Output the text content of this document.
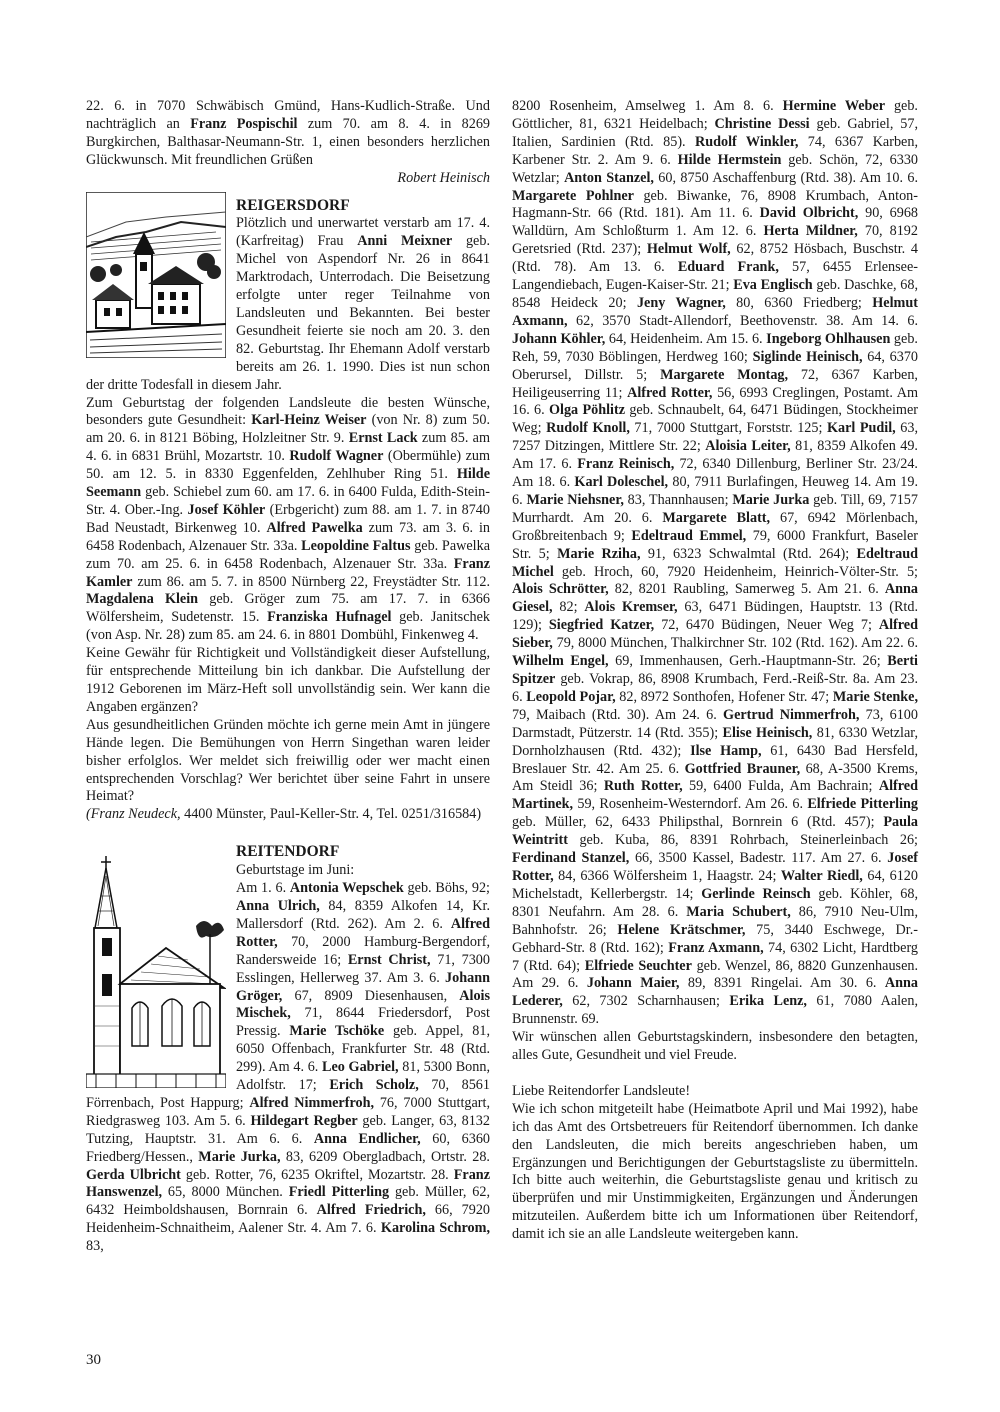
22. 6. in 7070 Schwäbisch Gmünd, Hans-Kudlich-Straße. Und nachträglich an Franz Pospischil zum 70. am 8. 4. in 8269 Burgkirchen, Balthasar-Neumann-Str. 1, einen besonders herzlichen Glückwunsch. Mit freundlichen Grüßen

Robert Heinisch

REIGERSDORF

Plötzlich und unerwartet verstarb am 17. 4. (Karfreitag) Frau Anni Meixner geb. Michel von Aspendorf Nr. 26 in 8641 Marktrodach, Unterrodach. Die Beisetzung erfolgte unter reger Teilnahme von Landsleuten und Bekannten. Bei bester Gesundheit feierte sie noch am 20. 3. den 82. Geburtstag. Ihr Ehemann Adolf verstarb bereits am 26. 1. 1990. Dies ist nun schon der dritte Todesfall in diesem Jahr.

Zum Geburtstag der folgenden Landsleute die besten Wünsche, besonders gute Gesundheit: Karl-Heinz Weiser (von Nr. 8) zum 50. am 20. 6. in 8121 Böbing, Holzleitner Str. 9. Ernst Lack zum 85. am 4. 6. in 6831 Brühl, Mozartstr. 10. Rudolf Wagner (Obermühle) zum 50. am 12. 5. in 8330 Eggenfelden, Zehlhuber Ring 51. Hilde Seemann geb. Schiebel zum 60. am 17. 6. in 6400 Fulda, Edith-Stein-Str. 4. Ober.-Ing. Josef Köhler (Erbgericht) zum 88. am 1. 7. in 8740 Bad Neustadt, Birkenweg 10. Alfred Pawelka zum 73. am 3. 6. in 6458 Rodenbach, Alzenauer Str. 33a. Leopoldine Faltus geb. Pawelka zum 70. am 25. 6. in 6458 Rodenbach, Alzenauer Str. 33a. Franz Kamler zum 86. am 5. 7. in 8500 Nürnberg 22, Freystädter Str. 112. Magdalena Klein geb. Gröger zum 75. am 17. 7. in 6366 Wölfersheim, Sudetenstr. 15. Franziska Hufnagel geb. Janitschek (von Asp. Nr. 28) zum 85. am 24. 6. in 8801 Dombühl, Finkenweg 4.

Keine Gewähr für Richtigkeit und Vollständigkeit dieser Aufstellung, für entsprechende Mitteilung bin ich dankbar. Die Aufstellung der 1912 Geborenen im März-Heft soll unvollständig sein. Wer kann die Angaben ergänzen?

Aus gesundheitlichen Gründen möchte ich gerne mein Amt in jüngere Hände legen. Die Bemühungen von Herrn Singethan waren leider bisher erfolglos. Wer meldet sich freiwillig oder wer macht einen entsprechenden Vorschlag? Wer berichtet über seine Fahrt in unsere Heimat?

(Franz Neudeck, 4400 Münster, Paul-Keller-Str. 4, Tel. 0251/316584)

REITENDORF

Geburtstage im Juni:

Am 1. 6. Antonia Wepschek geb. Böhs, 92; Anna Ulrich, 84, 8359 Alkofen 14, Kr. Mallersdorf (Rtd. 262). Am 2. 6. Alfred Rotter, 70, 2000 Hamburg-Bergendorf, Randersweide 16; Ernst Christ, 71, 7300 Esslingen, Hellerweg 37. Am 3. 6. Johann Gröger, 67, 8909 Diesenhausen, Alois Mischek, 71, 8644 Friedersdorf, Post Pressig. Marie Tschöke geb. Appel, 81, 6050 Offenbach, Frankfurter Str. 48 (Rtd. 299). Am 4. 6. Leo Gabriel, 81, 5300 Bonn, Adolfstr. 17; Erich Scholz, 70, 8561 Förrenbach, Post Happurg; Alfred Nimmerfroh, 76, 7000 Stuttgart, Riedgrasweg 103. Am 5. 6. Hildegart Regber geb. Langer, 63, 8132 Tutzing, Hauptstr. 31. Am 6. 6. Anna Endlicher, 60, 6360 Friedberg/Hessen., Marie Jurka, 83, 6209 Obergladbach, Ortstr. 28. Gerda Ulbricht geb. Rotter, 76, 6235 Okriftel, Mozartstr. 28. Franz Hanswenzel, 65, 8000 München. Friedl Pitterling geb. Müller, 62, 6432 Heimboldshausen, Bornrain 6. Alfred Friedrich, 66, 7920 Heidenheim-Schnaitheim, Aalener Str. 4. Am 7. 6. Karolina Schrom, 83,

8200 Rosenheim, Amselweg 1. Am 8. 6. Hermine Weber geb. Göttlicher, 81, 6321 Heidelbach; Christine Dessi geb. Gabriel, 57, Italien, Sardinien (Rtd. 85). Rudolf Winkler, 74, 6367 Karben, Karbener Str. 2. Am 9. 6. Hilde Hermstein geb. Schön, 72, 6330 Wetzlar; Anton Stanzel, 60, 8750 Aschaffenburg (Rtd. 38). Am 10. 6. Margarete Pohlner geb. Biwanke, 76, 8908 Krumbach, Anton-Hagmann-Str. 66 (Rtd. 181). Am 11. 6. David Olbricht, 90, 6968 Walldürn, Am Schloßturm 1. Am 12. 6. Herta Mildner, 70, 8192 Geretsried (Rtd. 237); Helmut Wolf, 62, 8752 Hösbach, Buschstr. 4 (Rtd. 78). Am 13. 6. Eduard Frank, 57, 6455 Erlensee-Langendiebach, Eugen-Kaiser-Str. 21; Eva Englisch geb. Daschke, 68, 8548 Heideck 20; Jeny Wagner, 80, 6360 Friedberg; Helmut Axmann, 62, 3570 Stadt-Allendorf, Beethovenstr. 38. Am 14. 6. Johann Köhler, 64, Heidenheim. Am 15. 6. Ingeborg Ohlhausen geb. Reh, 59, 7030 Böblingen, Herdweg 160; Siglinde Heinisch, 64, 6370 Oberursel, Dillstr. 5; Margarete Montag, 72, 6367 Karben, Heiligeuserring 11; Alfred Rotter, 56, 6993 Creglingen, Postamt. Am 16. 6. Olga Pöhlitz geb. Schnaubelt, 64, 6471 Büdingen, Stockheimer Weg; Rudolf Knoll, 71, 7000 Stuttgart, Forststr. 125; Karl Pudil, 63, 7257 Ditzingen, Mittlere Str. 22; Aloisia Leiter, 81, 8359 Alkofen 49. Am 17. 6. Franz Reinisch, 72, 6340 Dillenburg, Berliner Str. 23/24. Am 18. 6. Karl Doleschel, 80, 7911 Burlafingen, Heuweg 14. Am 19. 6. Marie Niehsner, 83, Thannhausen; Marie Jurka geb. Till, 69, 7157 Murrhardt. Am 20. 6. Margarete Blatt, 67, 6942 Mörlenbach, Großbreitenbach 9; Edeltraud Emmel, 79, 6000 Frankfurt, Baseler Str. 5; Marie Rziha, 91, 6323 Schwalmtal (Rtd. 264); Edeltraud Michel geb. Hroch, 60, 7920 Heidenheim, Heinrich-Völter-Str. 5; Alois Schrötter, 82, 8201 Raubling, Samerweg 5. Am 21. 6. Anna Giesel, 82; Alois Kremser, 63, 6471 Büdingen, Hauptstr. 13 (Rtd. 129); Siegfried Katzer, 72, 6470 Büdingen, Neuer Weg 7; Alfred Sieber, 79, 8000 München, Thalkirchner Str. 102 (Rtd. 162). Am 22. 6. Wilhelm Engel, 69, Immenhausen, Gerh.-Hauptmann-Str. 26; Berti Spitzer geb. Vokrap, 86, 8908 Krumbach, Ferd.-Reiß-Str. 8a. Am 23. 6. Leopold Pojar, 82, 8972 Sonthofen, Hofener Str. 47; Marie Stenke, 79, Maibach (Rtd. 30). Am 24. 6. Gertrud Nimmerfroh, 73, 6100 Darmstadt, Pützerstr. 14 (Rtd. 355); Elise Heinisch, 81, 6330 Wetzlar, Dornholzhausen (Rtd. 432); Ilse Hamp, 61, 6430 Bad Hersfeld, Breslauer Str. 42. Am 25. 6. Gottfried Brauner, 68, A-3500 Krems, Am Steidl 36; Ruth Rotter, 59, 6400 Fulda, Am Bachrain; Alfred Martinek, 59, Rosenheim-Westerndorf. Am 26. 6. Elfriede Pitterling geb. Müller, 62, 6433 Philipsthal, Bornrein 6 (Rtd. 457); Paula Weintritt geb. Kuba, 86, 8391 Rohrbach, Steinerleinbach 26; Ferdinand Stanzel, 66, 3500 Kassel, Badestr. 117. Am 27. 6. Josef Rotter, 84, 6366 Wölfersheim 1, Haagstr. 24; Walter Riedl, 64, 6120 Michelstadt, Kellerbergstr. 14; Gerlinde Reinsch geb. Köhler, 68, 8301 Neufahrn. Am 28. 6. Maria Schubert, 86, 7910 Neu-Ulm, Bahnhofstr. 26; Helene Krätschmer, 75, 3440 Eschwege, Dr.-Gebhard-Str. 8 (Rtd. 162); Franz Axmann, 74, 6302 Licht, Hardtberg 7 (Rtd. 64); Elfriede Seuchter geb. Wenzel, 86, 8820 Gunzenhausen. Am 29. 6. Johann Maier, 89, 8391 Ringelai. Am 30. 6. Anna Lederer, 62, 7302 Scharnhausen; Erika Lenz, 61, 7080 Aalen, Brunnenstr. 69.

Wir wünschen allen Geburtstagskindern, insbesondere den betagten, alles Gute, Gesundheit und viel Freude.

Liebe Reitendorfer Landsleute!

Wie ich schon mitgeteilt habe (Heimatbote April und Mai 1992), habe ich das Amt des Ortsbetreuers für Reitendorf übernommen. Ich danke den Landsleuten, die mich bereits angeschrieben haben, um Ergänzungen und Berichtigungen der Geburtstagsliste zu übermitteln. Ich bitte auch weiterhin, die Geburtstagsliste genau und kritisch zu überprüfen und mir Unstimmigkeiten, Ergänzungen und Änderungen mitzuteilen. Außerdem bitte ich um Informationen über Reitendorf, damit ich sie an alle Landsleute weitergeben kann.

30
